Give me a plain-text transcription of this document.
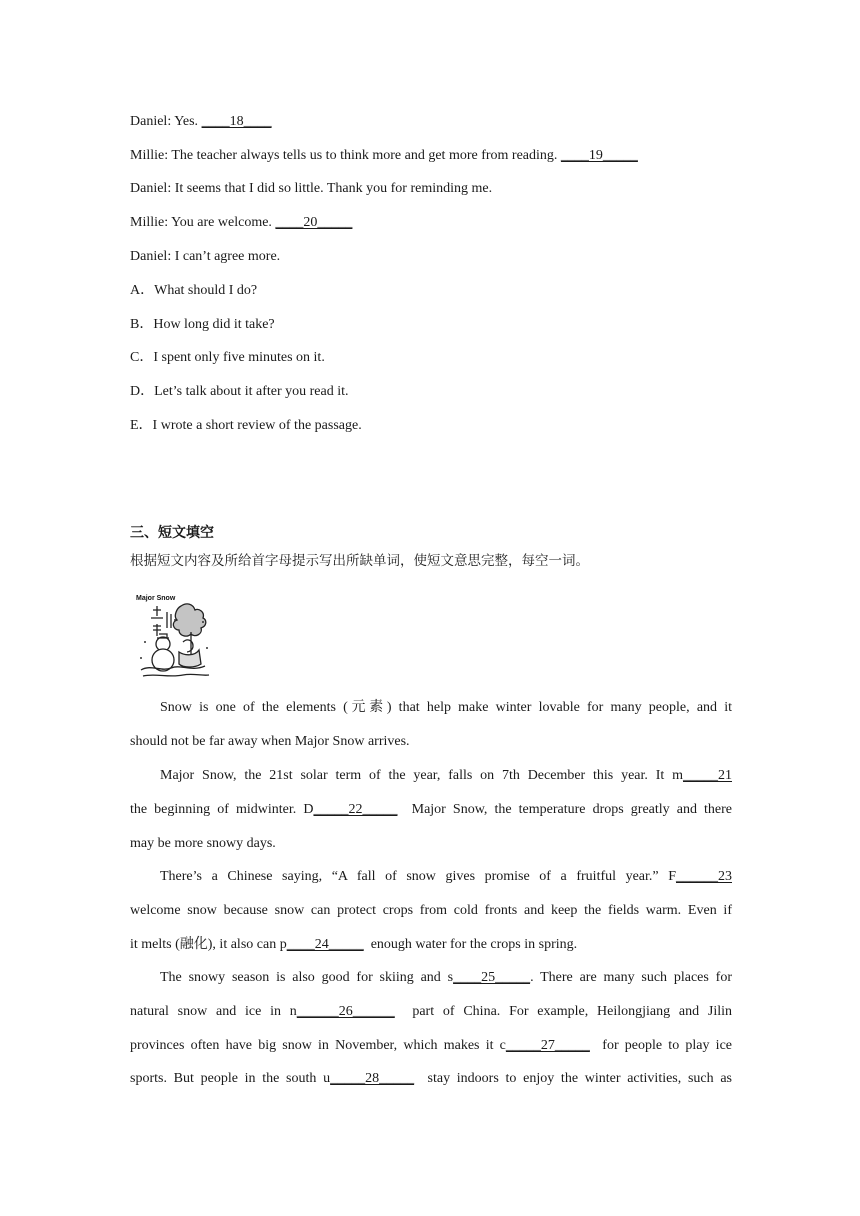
Daniel: Yes. ____18____
Millie: The teacher always tells us to think more and get more from reading. ____19_____
Daniel: It seems that I did so little. Thank you for reminding me.
Millie: You are welcome. ____20_____
Daniel: I can’t agree more.
A．What should I do?
B．How long did it take?
C．I spent only five minutes on it.
D．Let’s talk about it after you read it.
E．I wrote a short review of the passage.
三、短文填空
根据短文内容及所给首字母提示写出所缺单词，使短文意思完整，每空一词。
Major Snow
Snow is one of the elements (元素) that help make winter lovable for many people, and it
should not be far away when Major Snow arrives.
Major Snow, the 21st solar term of the year, falls on 7th December this year. It m_____21
the beginning of midwinter. D_____22_____  Major Snow, the temperature drops greatly and there
may be more snowy days.
There’s a Chinese saying, “A fall of snow gives promise of a fruitful year.” F______23
welcome snow because snow can protect crops from cold fronts and keep the fields warm. Even if
it melts (融化), it also can p____24_____  enough water for the crops in spring.
The snowy season is also good for skiing and s____25_____. There are many such places for
natural snow and ice in n______26______  part of China. For example, Heilongjiang and Jilin
provinces often have big snow in November, which makes it c_____27_____  for people to play ice
sports. But people in the south u_____28_____  stay indoors to enjoy the winter activities, such as
